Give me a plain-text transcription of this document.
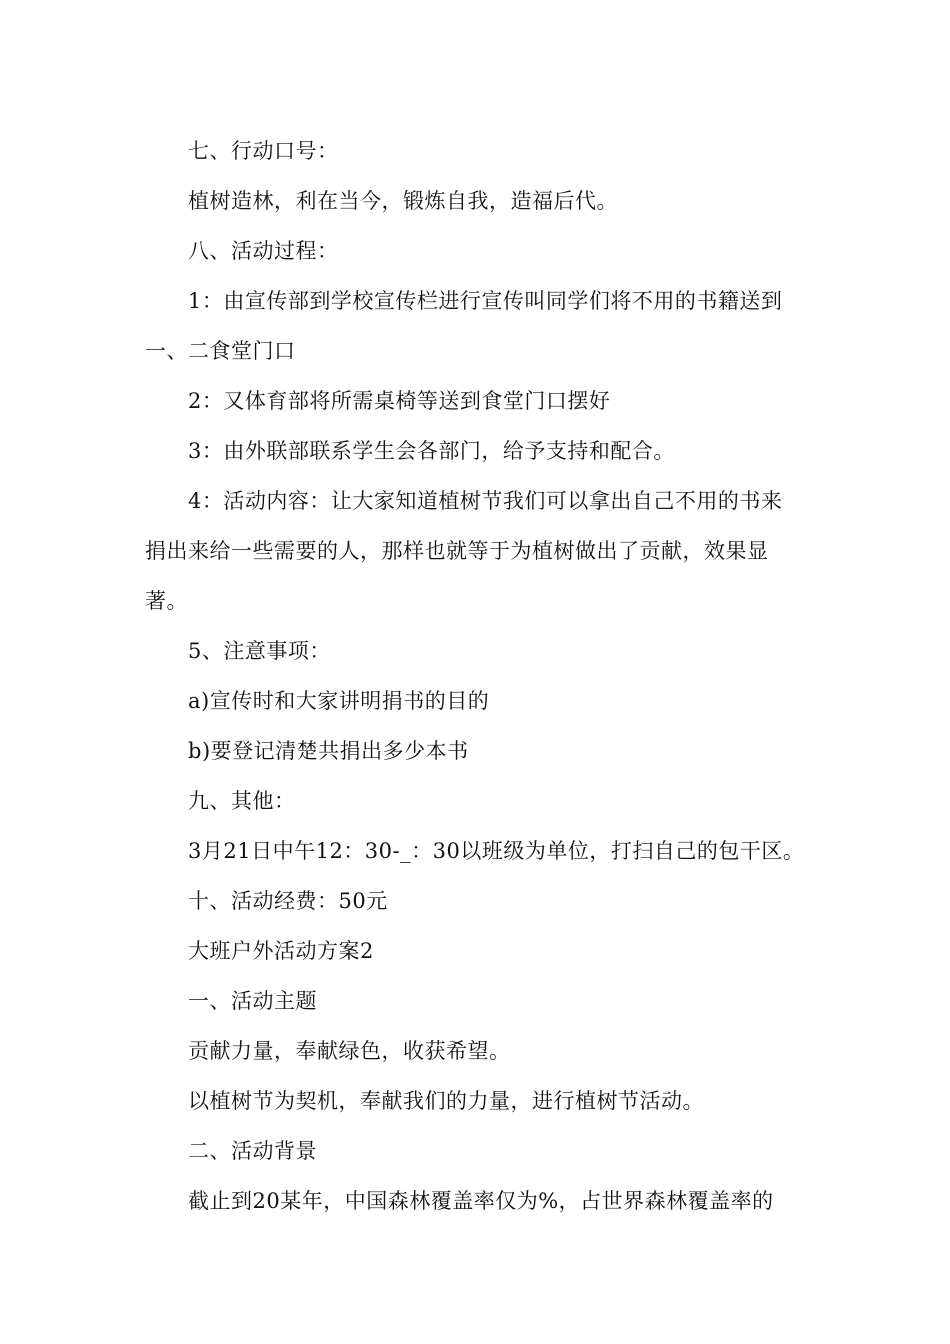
七、行动口号：
植树造林，利在当今，锻炼自我，造福后代。
八、活动过程：
1：由宣传部到学校宣传栏进行宣传叫同学们将不用的书籍送到
一、二食堂门口
2：又体育部将所需桌椅等送到食堂门口摆好
3：由外联部联系学生会各部门，给予支持和配合。
4：活动内容：让大家知道植树节我们可以拿出自己不用的书来
捐出来给一些需要的人，那样也就等于为植树做出了贡献，效果显
著。
5、注意事项：
a)宣传时和大家讲明捐书的目的
b)要登记清楚共捐出多少本书
九、其他：
3月21日中午12：30-_：30以班级为单位，打扫自己的包干区。
十、活动经费：50元
大班户外活动方案2
一、活动主题
贡献力量，奉献绿色，收获希望。
以植树节为契机，奉献我们的力量，进行植树节活动。
二、活动背景
截止到20某年，中国森林覆盖率仅为%，占世界森林覆盖率的
